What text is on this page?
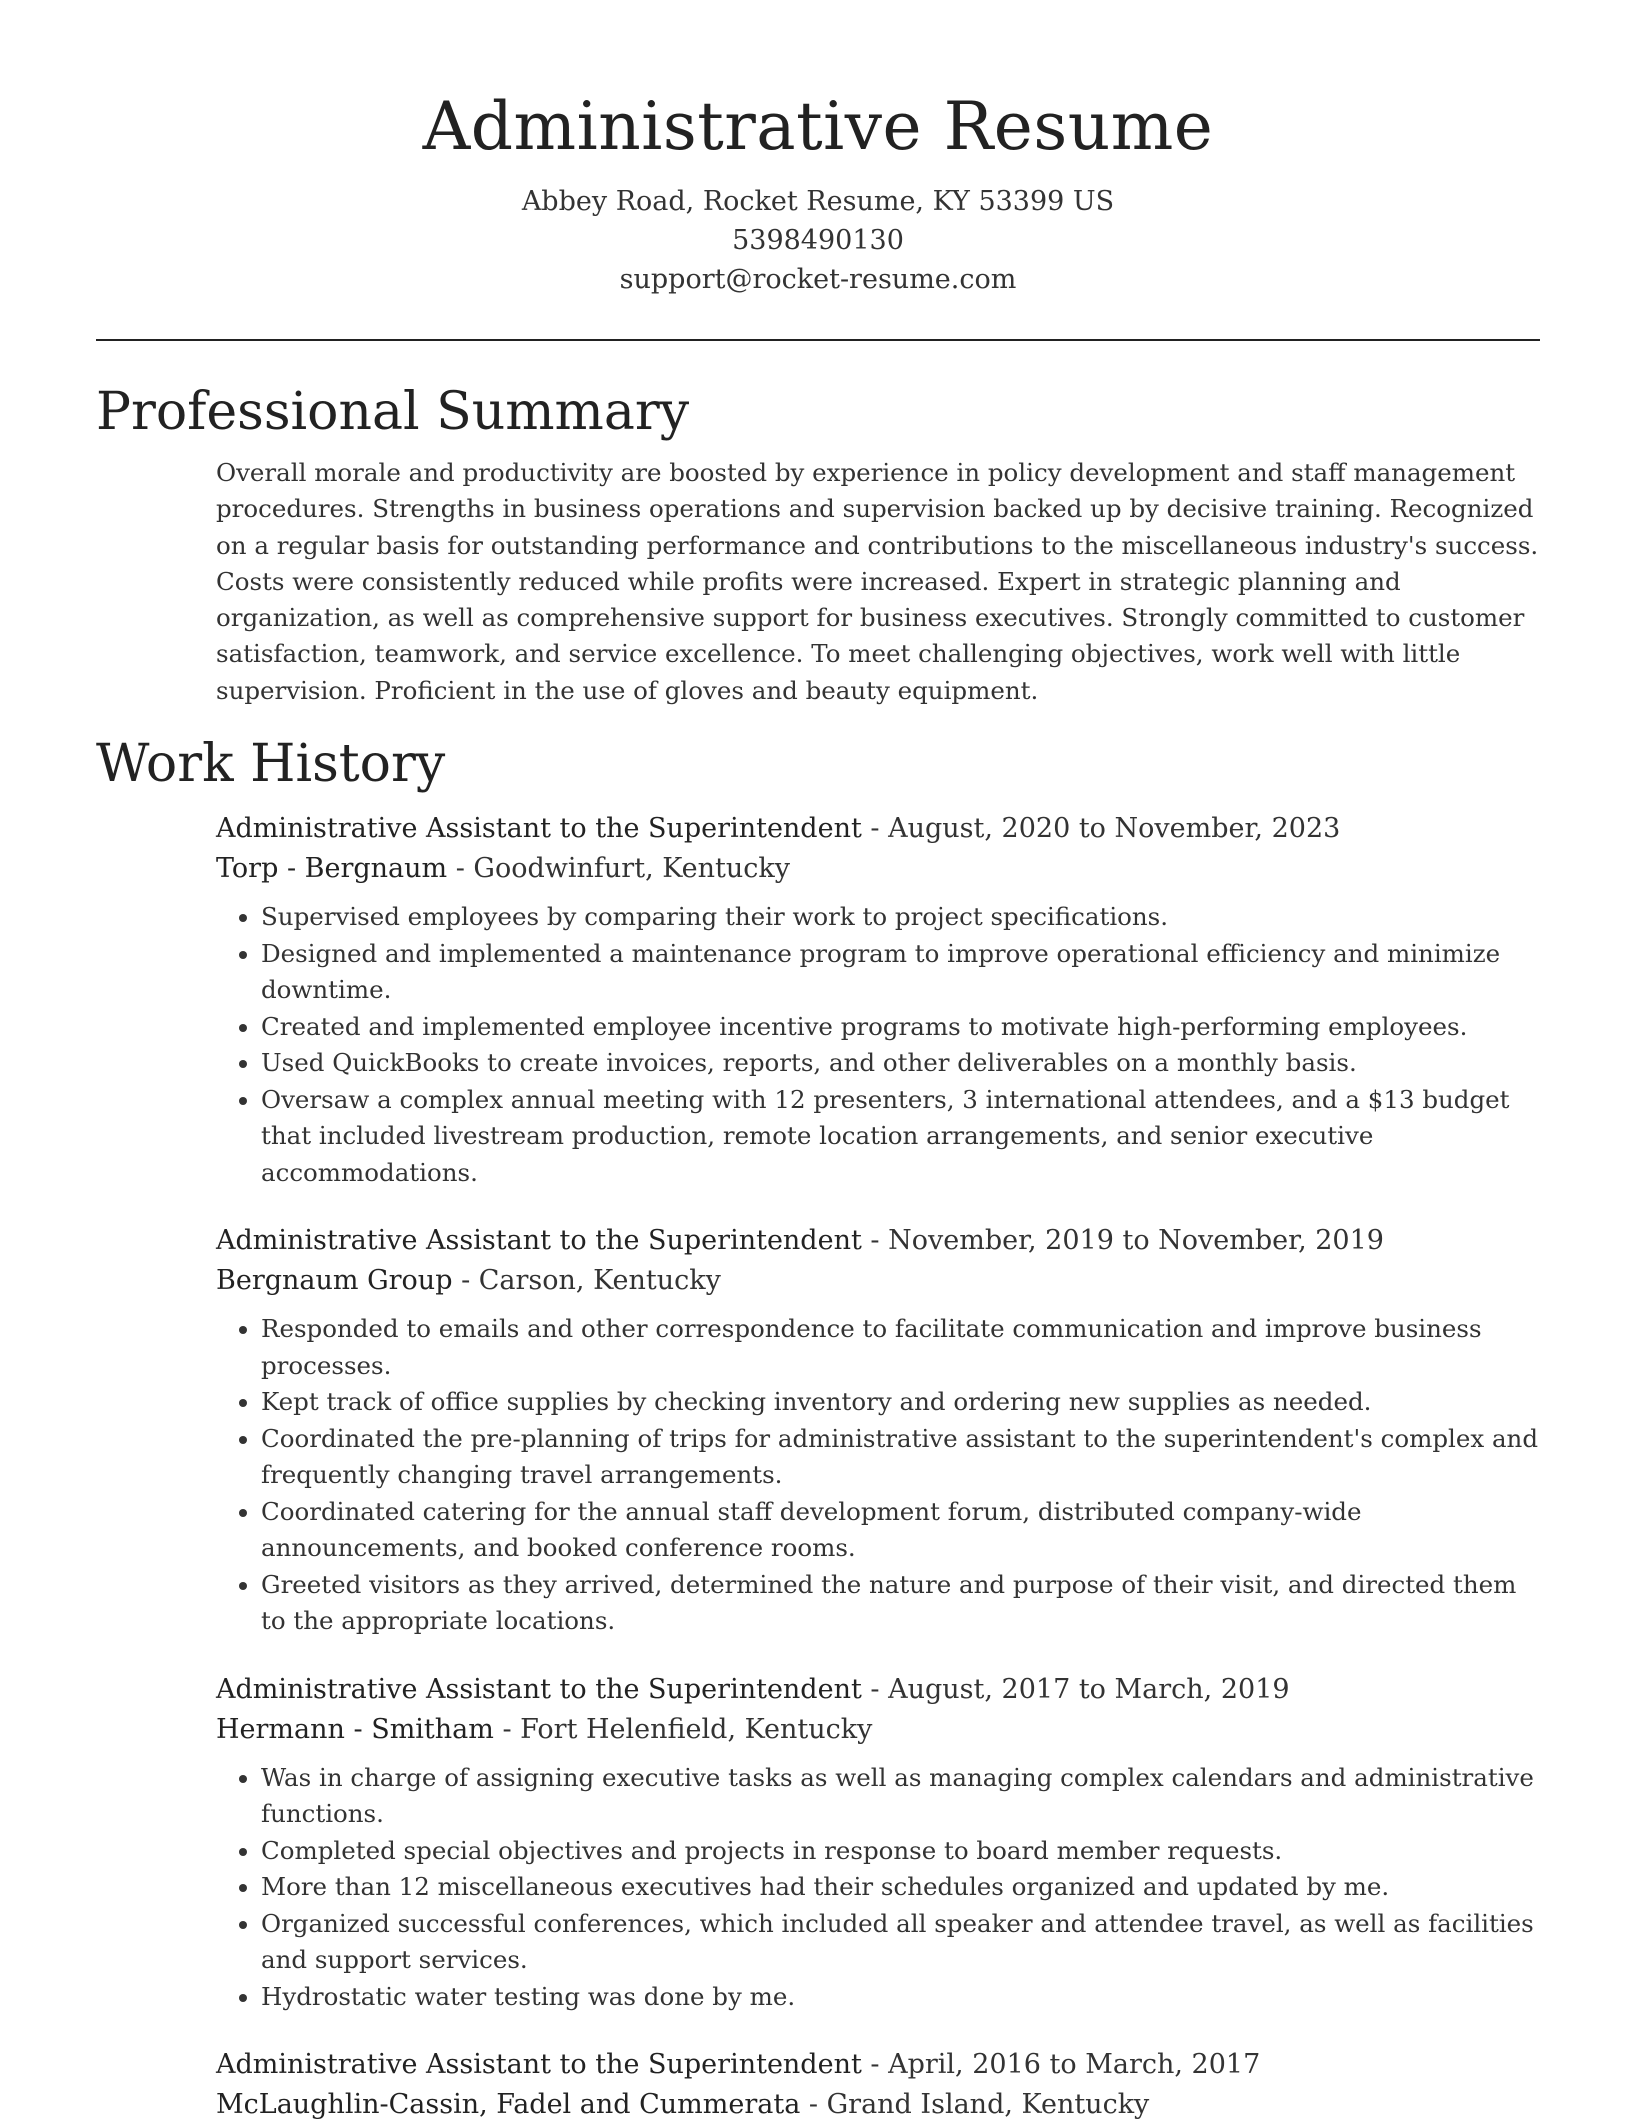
Administrative Resume
Abbey Road, Rocket Resume, KY 53399 US
5398490130
support@rocket-resume.com
Professional Summary

Overall morale and productivity are boosted by experience in policy development and staff management procedures. Strengths in business operations and supervision backed up by decisive training. Recognized on a regular basis for outstanding performance and contributions to the miscellaneous industry's success. Costs were consistently reduced while profits were increased. Expert in strategic planning and organization, as well as comprehensive support for business executives. Strongly committed to customer satisfaction, teamwork, and service excellence. To meet challenging objectives, work well with little supervision. Proficient in the use of gloves and beauty equipment.

Work History
Administrative Assistant to the Superintendent - August, 2020 to November, 2023
Torp - Bergnaum - Goodwinfurt, Kentucky
• Supervised employees by comparing their work to project specifications.
• Designed and implemented a maintenance program to improve operational efficiency and minimize downtime.
• Created and implemented employee incentive programs to motivate high-performing employees.
• Used QuickBooks to create invoices, reports, and other deliverables on a monthly basis.
• Oversaw a complex annual meeting with 12 presenters, 3 international attendees, and a $13 budget that included livestream production, remote location arrangements, and senior executive accommodations.
Administrative Assistant to the Superintendent - November, 2019 to November, 2019
Bergnaum Group - Carson, Kentucky
• Responded to emails and other correspondence to facilitate communication and improve business processes.
• Kept track of office supplies by checking inventory and ordering new supplies as needed.
• Coordinated the pre-planning of trips for administrative assistant to the superintendent's complex and frequently changing travel arrangements.
• Coordinated catering for the annual staff development forum, distributed company-wide announcements, and booked conference rooms.
• Greeted visitors as they arrived, determined the nature and purpose of their visit, and directed them to the appropriate locations.
Administrative Assistant to the Superintendent - August, 2017 to March, 2019
Hermann - Smitham - Fort Helenfield, Kentucky
• Was in charge of assigning executive tasks as well as managing complex calendars and administrative functions.
• Completed special objectives and projects in response to board member requests.
• More than 12 miscellaneous executives had their schedules organized and updated by me.
• Organized successful conferences, which included all speaker and attendee travel, as well as facilities and support services.
• Hydrostatic water testing was done by me.
Administrative Assistant to the Superintendent - April, 2016 to March, 2017
McLaughlin-Cassin, Fadel and Cummerata - Grand Island, Kentucky
